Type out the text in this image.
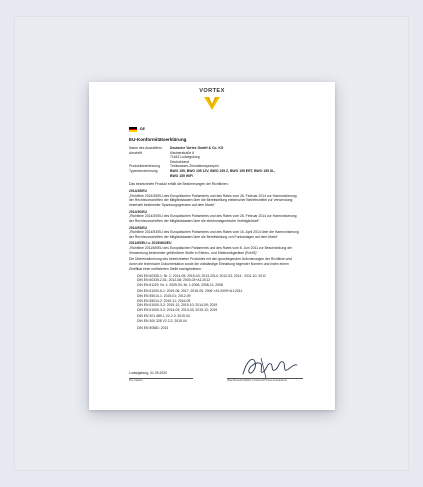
VORTEX
DE
EU-Konformitätserklärung
Name des Ausstellers	Deutsche Vortex GmbH & Co. KG
Anschrift	Kästnerstraße 6
71642 Ludwigsburg
Deutschland
Produktbezeichnung	Trinkwasser-Zirkulationspumpen
Typenbezeichnung	BWO 155, BWO 155 12V, BWO 155 Z, BWO 155 ERT, BWO 155 SL,
BWO 155 WiFi

Das bezeichnete Produkt erfüllt die Bestimmungen der Richtlinien:

2014/35/EU

„Richtlinie 2014/35/EU des Europäischen Parlaments und des Rates vom 26. Februar 2014 zur Harmonisierung der Rechtsvorschriften der Mitgliedstaaten über die Bereitstellung elektrischer Betriebsmittel zur Verwendung innerhalb bestimmter Spannungsgrenzen auf dem Markt“

2014/30/EU

„Richtlinie 2014/30/EU des Europäischen Parlaments und des Rates vom 26. Februar 2014 zur Harmonisierung der Rechtsvorschriften der Mitgliedstaaten über die elektromagnetische Verträglichkeit“

2014/53/EU

„Richtlinie 2014/53/EU des Europäischen Parlaments und des Rates vom 16. April 2014 über die Harmonisierung der Rechtsvorschriften der Mitgliedstaaten über die Bereitstellung von Funkanlagen auf dem Markt“

2011/65/EU u. 2015/863/EU

„Richtlinie 2011/65/EU des Europäischen Parlaments und des Rates vom 8. Juni 2011 zur Beschränkung der Verwendung bestimmter gefährlicher Stoffe in Elektro- und Elektronikgeräten (RoHS)“

Die Übereinstimmung des bezeichneten Produktes mit den grundlegenden Anforderungen der Richtlinie wird durch die technische Dokumentation sowie die vollständige Einhaltung folgender Normen und inden einem Zertifikat einer notifizierten Stelle nachgewiesen:

DIN EN 60335-1; Nr. 1: 2014-05; 2015-03; 2013-2014; 2012-03; 2014 ; 2011-10; 2012
DIN EN 60335-2-51; 2012-08; 2003-03+A1:2012
DIN EN 61119; Nr. 1: 2009-03; Nr. 1:2006; 2008-11; 2008
DIN EN 61000-6-1: 2019-06; 2017; 2015-05; 2006 +A1:2009+A1:2011
DIN EN 55014-1: 2019-01; 2012-09
DIN EN 55014-2: 2019-11; 2016-09
DIN EN 61000-3-2: 2019-12; 2019-10; 2014-09; 2019
DIN EN 61000-3-3: 2014-03; 2013-03; 2019-12; 2019
DIN EN 301 489-1 V2.2.3: 2019-04
DIN EN 300 328 V2.2.2: 2019-04
DIN EN 50581: 2013
Ludwigsburg, 01.09.2020
Ort, Datum	(Rechtsverbindliche Unterschrift des Ausstellers)
